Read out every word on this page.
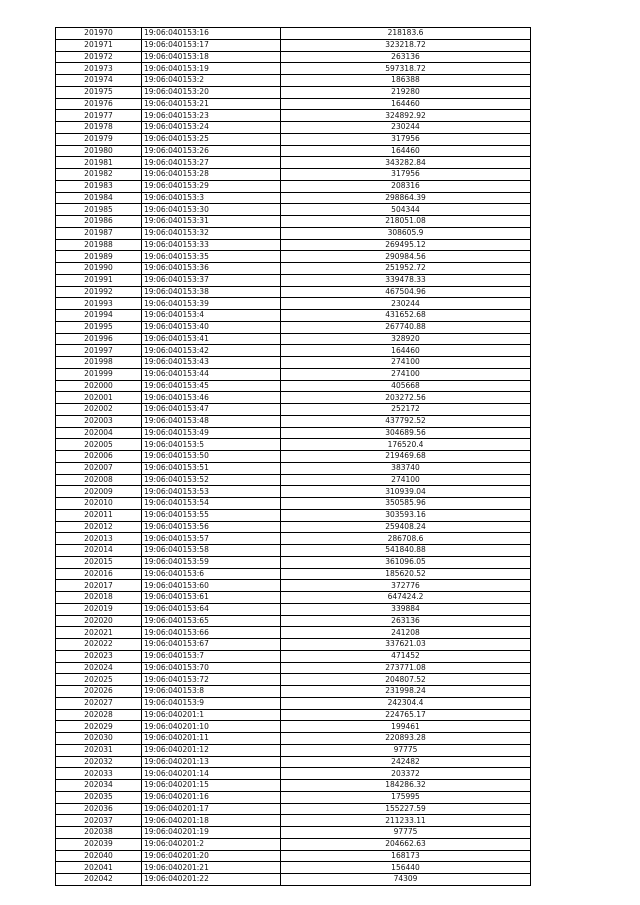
201970	19:06:040153:16	218183.6
201971	19:06:040153:17	323218.72
201972	19:06:040153:18	263136
201973	19:06:040153:19	597318.72
201974	19:06:040153:2	186388
201975	19:06:040153:20	219280
201976	19:06:040153:21	164460
201977	19:06:040153:23	324892.92
201978	19:06:040153:24	230244
201979	19:06:040153:25	317956
201980	19:06:040153:26	164460
201981	19:06:040153:27	343282.84
201982	19:06:040153:28	317956
201983	19:06:040153:29	208316
201984	19:06:040153:3	298864.39
201985	19:06:040153:30	504344
201986	19:06:040153:31	218051.08
201987	19:06:040153:32	308605.9
201988	19:06:040153:33	269495.12
201989	19:06:040153:35	290984.56
201990	19:06:040153:36	251952.72
201991	19:06:040153:37	339478.33
201992	19:06:040153:38	467504.96
201993	19:06:040153:39	230244
201994	19:06:040153:4	431652.68
201995	19:06:040153:40	267740.88
201996	19:06:040153:41	328920
201997	19:06:040153:42	164460
201998	19:06:040153:43	274100
201999	19:06:040153:44	274100
202000	19:06:040153:45	405668
202001	19:06:040153:46	203272.56
202002	19:06:040153:47	252172
202003	19:06:040153:48	437792.52
202004	19:06:040153:49	304689.56
202005	19:06:040153:5	176520.4
202006	19:06:040153:50	219469.68
202007	19:06:040153:51	383740
202008	19:06:040153:52	274100
202009	19:06:040153:53	310939.04
202010	19:06:040153:54	350585.96
202011	19:06:040153:55	303593.16
202012	19:06:040153:56	259408.24
202013	19:06:040153:57	286708.6
202014	19:06:040153:58	541840.88
202015	19:06:040153:59	361096.05
202016	19:06:040153:6	185620.52
202017	19:06:040153:60	372776
202018	19:06:040153:61	647424.2
202019	19:06:040153:64	339884
202020	19:06:040153:65	263136
202021	19:06:040153:66	241208
202022	19:06:040153:67	337621.03
202023	19:06:040153:7	471452
202024	19:06:040153:70	273771.08
202025	19:06:040153:72	204807.52
202026	19:06:040153:8	231998.24
202027	19:06:040153:9	242304.4
202028	19:06:040201:1	224765.17
202029	19:06:040201:10	199461
202030	19:06:040201:11	220893.28
202031	19:06:040201:12	97775
202032	19:06:040201:13	242482
202033	19:06:040201:14	203372
202034	19:06:040201:15	184286.32
202035	19:06:040201:16	175995
202036	19:06:040201:17	155227.59
202037	19:06:040201:18	211233.11
202038	19:06:040201:19	97775
202039	19:06:040201:2	204662.63
202040	19:06:040201:20	168173
202041	19:06:040201:21	156440
202042	19:06:040201:22	74309
